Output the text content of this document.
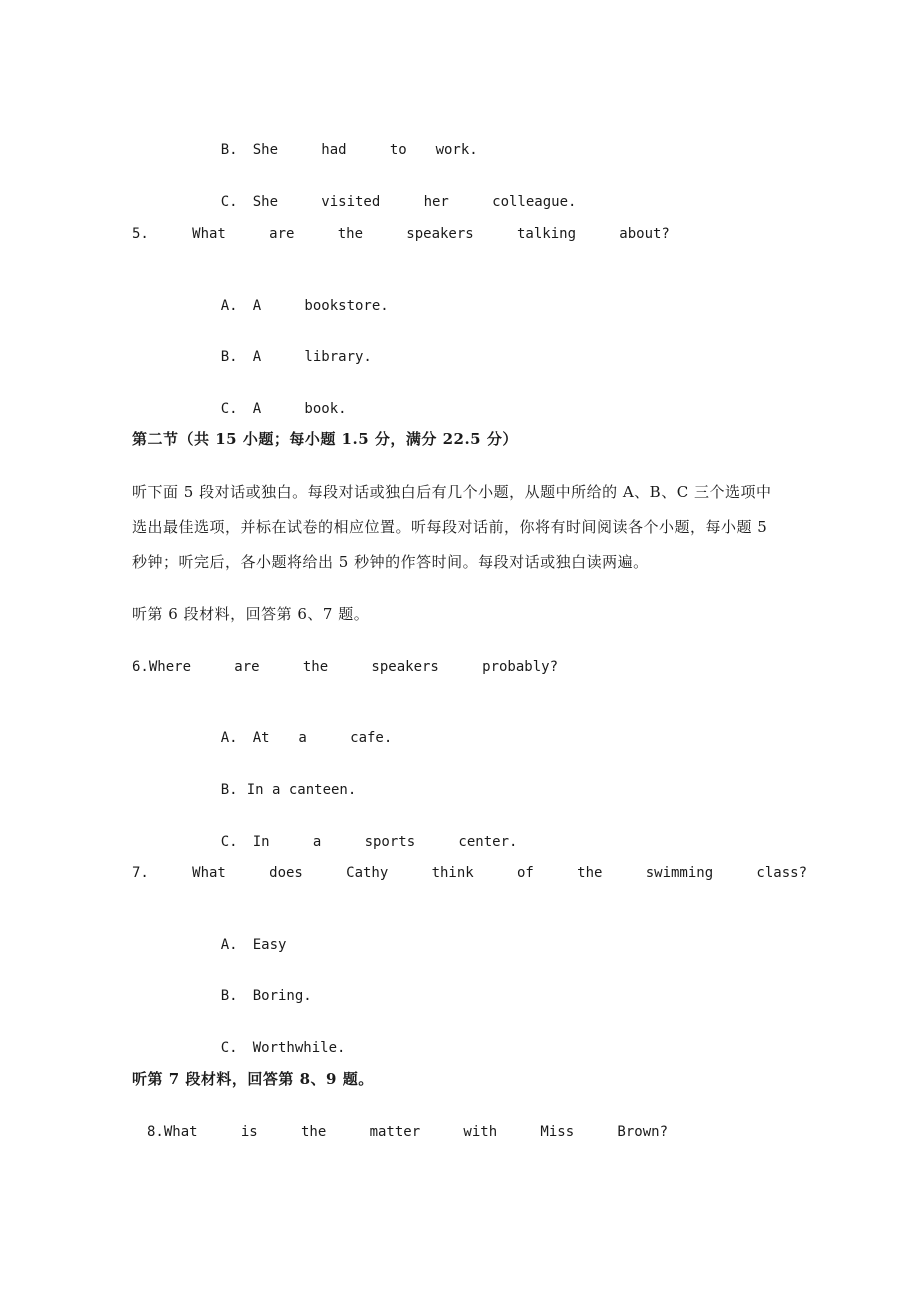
B. She   had   to  work.

C. She   visited   her   colleague.

5.   What   are   the   speakers   talking   about?

A. A   bookstore.

B. A   library.

C. A   book.

第二节（共 15 小题；每小题 1.5 分，满分 22.5 分）
听下面 5 段对话或独白。每段对话或独白后有几个小题，从题中所给的 A、B、C 三个选项中
选出最佳选项，并标在试卷的相应位置。听每段对话前，你将有时间阅读各个小题，每小题 5
秒钟；听完后，各小题将给出 5 秒钟的作答时间。每段对话或独白读两遍。
听第 6 段材料，回答第 6、7 题。
6.Where   are   the   speakers   probably?

A. At  a   cafe.

B. In a canteen.

C. In   a   sports   center.

7.   What   does   Cathy   think   of   the   swimming   class?

A. Easy

B. Boring.

C. Worthwhile.

听第 7 段材料，回答第 8、9 题。
8.What   is   the   matter   with   Miss   Brown?
